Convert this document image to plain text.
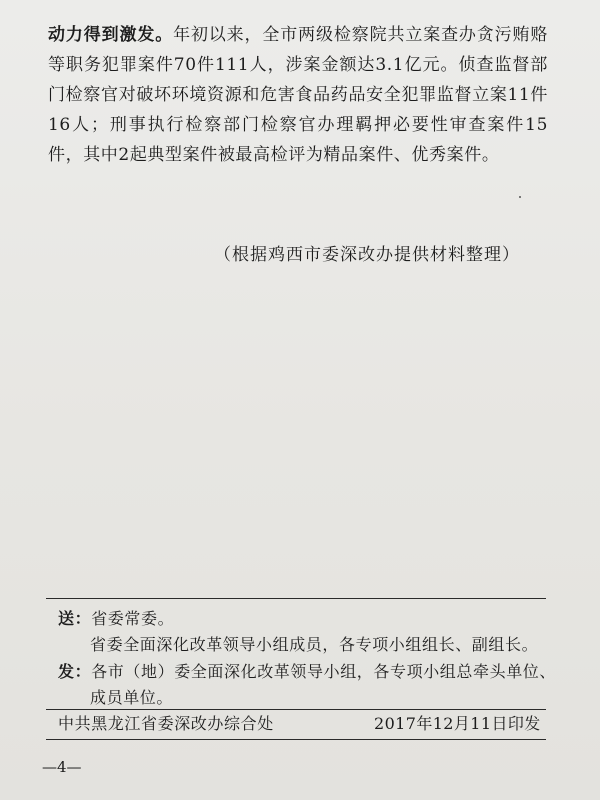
动力得到激发。年初以来，全市两级检察院共立案查办贪污贿赂等职务犯罪案件70件111人，涉案金额达3.1亿元。侦查监督部门检察官对破坏环境资源和危害食品药品安全犯罪监督立案11件16人；刑事执行检察部门检察官办理羁押必要性审查案件15件，其中2起典型案件被最高检评为精品案件、优秀案件。

（根据鸡西市委深改办提供材料整理）
送：省委常委。
省委全面深化改革领导小组成员，各专项小组组长、副组长。
发：各市（地）委全面深化改革领导小组，各专项小组总牵头单位、
成员单位。
中共黑龙江省委深改办综合处	2017年12月11日印发
—4—
